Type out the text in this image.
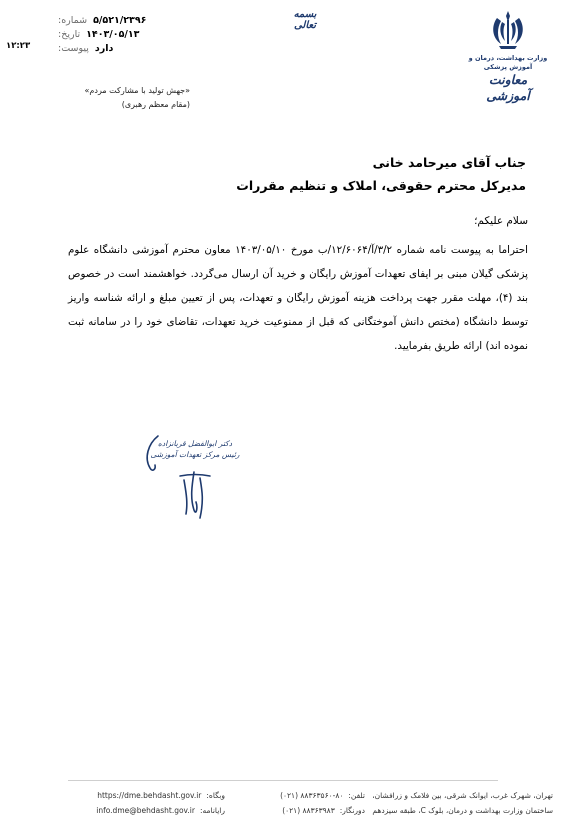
شماره: ۵/۵۲۱/۲۳۹۶
تاریخ: ۱۴۰۳/۰۵/۱۳
پیوست: دارد
۱۲:۲۳
بسمه تعالی
«جهش تولید با مشارکت مردم»
(مقام معظم رهبری)
وزارت بهداشت، درمان و آموزش پزشکی
معاونت آموزشی
جناب آقای میرحامد خانی
مدیرکل محترم حقوقی، املاک و تنظیم مقررات
سلام علیکم؛
احتراما به پیوست نامه شماره ۳/۲/آ/۱۲/۶۰۶۴/ب مورخ ۱۴۰۳/۰۵/۱۰ معاون محترم آموزشی دانشگاه علوم پزشکی گیلان مبنی بر ایفای تعهدات آموزش رایگان و خرید آن ارسال می‌گردد. خواهشمند است در خصوص بند (۴)، مهلت مقرر جهت پرداخت هزینه آموزش رایگان و تعهدات، پس از تعیین مبلغ و ارائه شناسه واریز توسط دانشگاه (مختص دانش آموختگانی که قبل از ممنوعیت خرید تعهدات، تقاضای خود را در سامانه ثبت نموده اند) ارائه طریق بفرمایید.
دکتر ابوالفضل قربانزاده
رئیس مرکز تعهدات آموزشی
تهران، شهرک غرب، ایوانک شرقی، بین فلامک و زرافشان،
ساختمان وزارت بهداشت و درمان، بلوک C، طبقه سیزدهم
تلفن:
(۰۲۱) ۸۸۳۶۳۵۶۰-۸۰
دورنگار:
(۰۲۱) ۸۸۳۶۳۹۸۳
وبگاه:
https://dme.behdasht.gov.ir
رایانامه:
info.dme@behdasht.gov.ir
